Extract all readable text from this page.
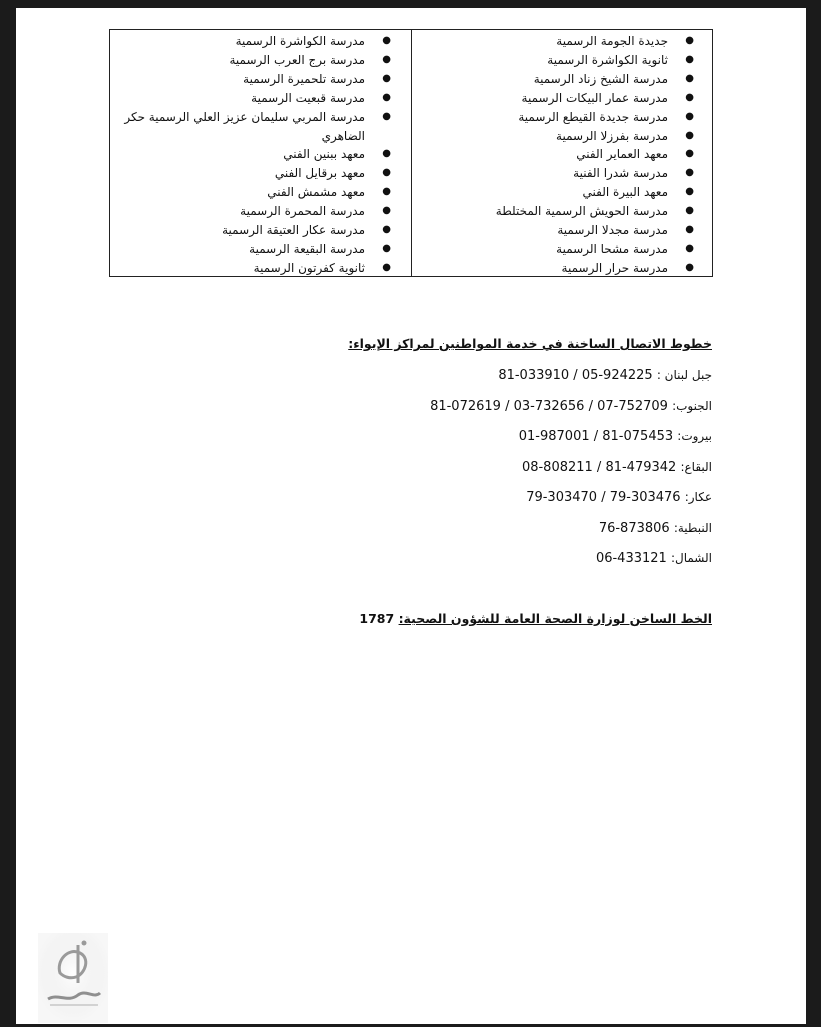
●
جديدة الجومة الرسمية
●
ثانوية الكواشرة الرسمية
●
مدرسة الشيخ زناد الرسمية
●
مدرسة عمار البيكات الرسمية
●
مدرسة جديدة القيطع الرسمية
●
مدرسة بفرزلا الرسمية
●
معهد العماير الفني
●
مدرسة شدرا الفنية
●
معهد البيرة الفني
●
مدرسة الحويش الرسمية المختلطة
●
مدرسة مجدلا الرسمية
●
مدرسة مشحا الرسمية
●
مدرسة حرار الرسمية
●
مدرسة الكواشرة الرسمية
●
مدرسة برج العرب الرسمية
●
مدرسة تلحميرة الرسمية
●
مدرسة قبعيت الرسمية
●
مدرسة المربي سليمان عزيز العلي الرسمية حكر الضاهري
●
معهد ببنين الفني
●
معهد برقايل الفني
●
معهد مشمش الفني
●
مدرسة المحمرة الرسمية
●
مدرسة عكار العتيقة الرسمية
●
مدرسة البقيعة الرسمية
●
ثانوية كفرتون الرسمية
خطوط الاتصال الساخنة في خدمة المواطنين لمراكز الإيواء:
جبل لبنان : 81-033910 / 05-924225
الجنوب: 81-072619 / 03-732656 / 07-752709
بيروت: 01-987001 / 81-075453
البقاع: 08-808211 / 81-479342
عكار: 79-303470 / 79-303476
النبطية: 76-873806
الشمال: 06-433121
الخط الساخن لوزارة الصحة العامة للشؤون الصحية: 1787
